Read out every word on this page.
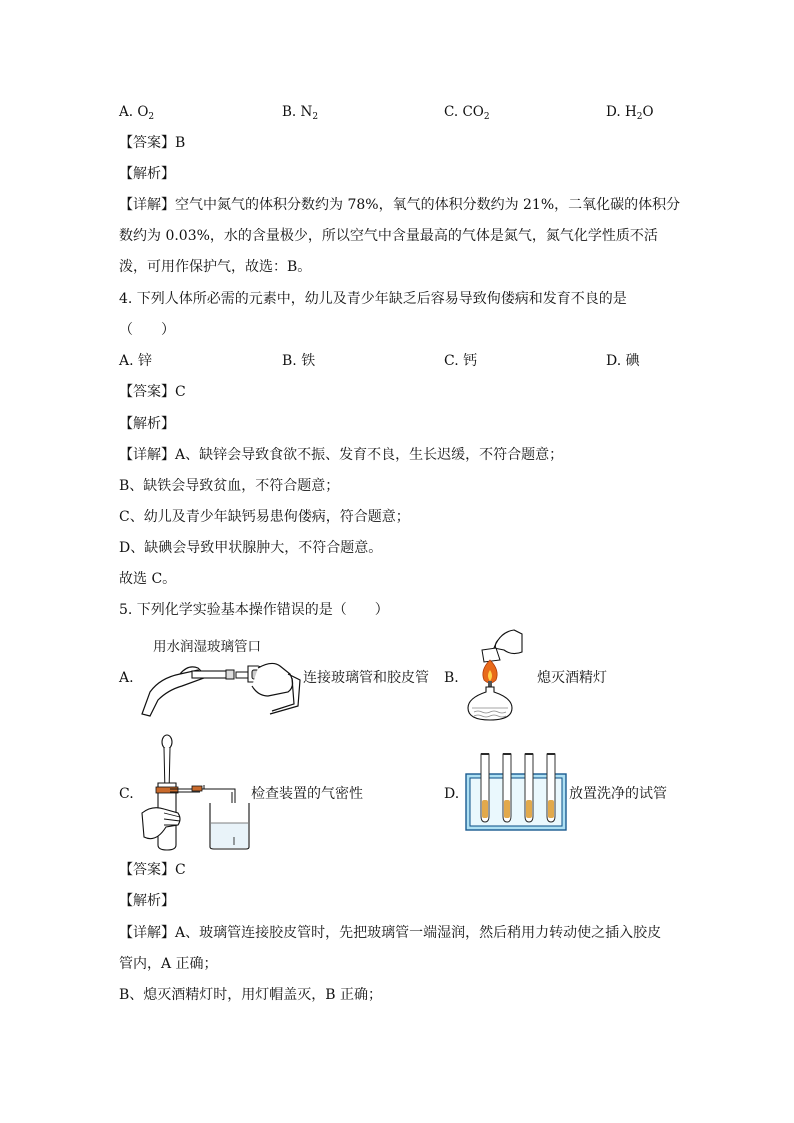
A. $O_2$	B. $N_2$	C. $CO_2$	D. $H_2O$
【答案】B
【解析】
【详解】空气中氮气的体积分数约为 78%，氧气的体积分数约为 21%，二氧化碳的体积分
数约为 0.03%，水的含量极少，所以空气中含量最高的气体是氮气，氮气化学性质不活
泼，可用作保护气，故选：B。
4. 下列人体所必需的元素中，幼儿及青少年缺乏后容易导致佝偻病和发育不良的是
（　　）
A. 锌	B. 铁	C. 钙	D. 碘
【答案】C
【解析】
【详解】A、缺锌会导致食欲不振、发育不良，生长迟缓，不符合题意；
B、缺铁会导致贫血，不符合题意；
C、幼儿及青少年缺钙易患佝偻病，符合题意；
D、缺碘会导致甲状腺肿大，不符合题意。
故选 C。
5. 下列化学实验基本操作错误的是（　　）
用水润湿玻璃管口
A.	连接玻璃管和胶皮管 B.	熄灭酒精灯
C.	检查装置的气密性	D.	放置洗净的试管
【答案】C
【解析】
【详解】A、玻璃管连接胶皮管时，先把玻璃管一端湿润，然后稍用力转动使之插入胶皮
管内，A 正确；
B、熄灭酒精灯时，用灯帽盖灭，B 正确；
